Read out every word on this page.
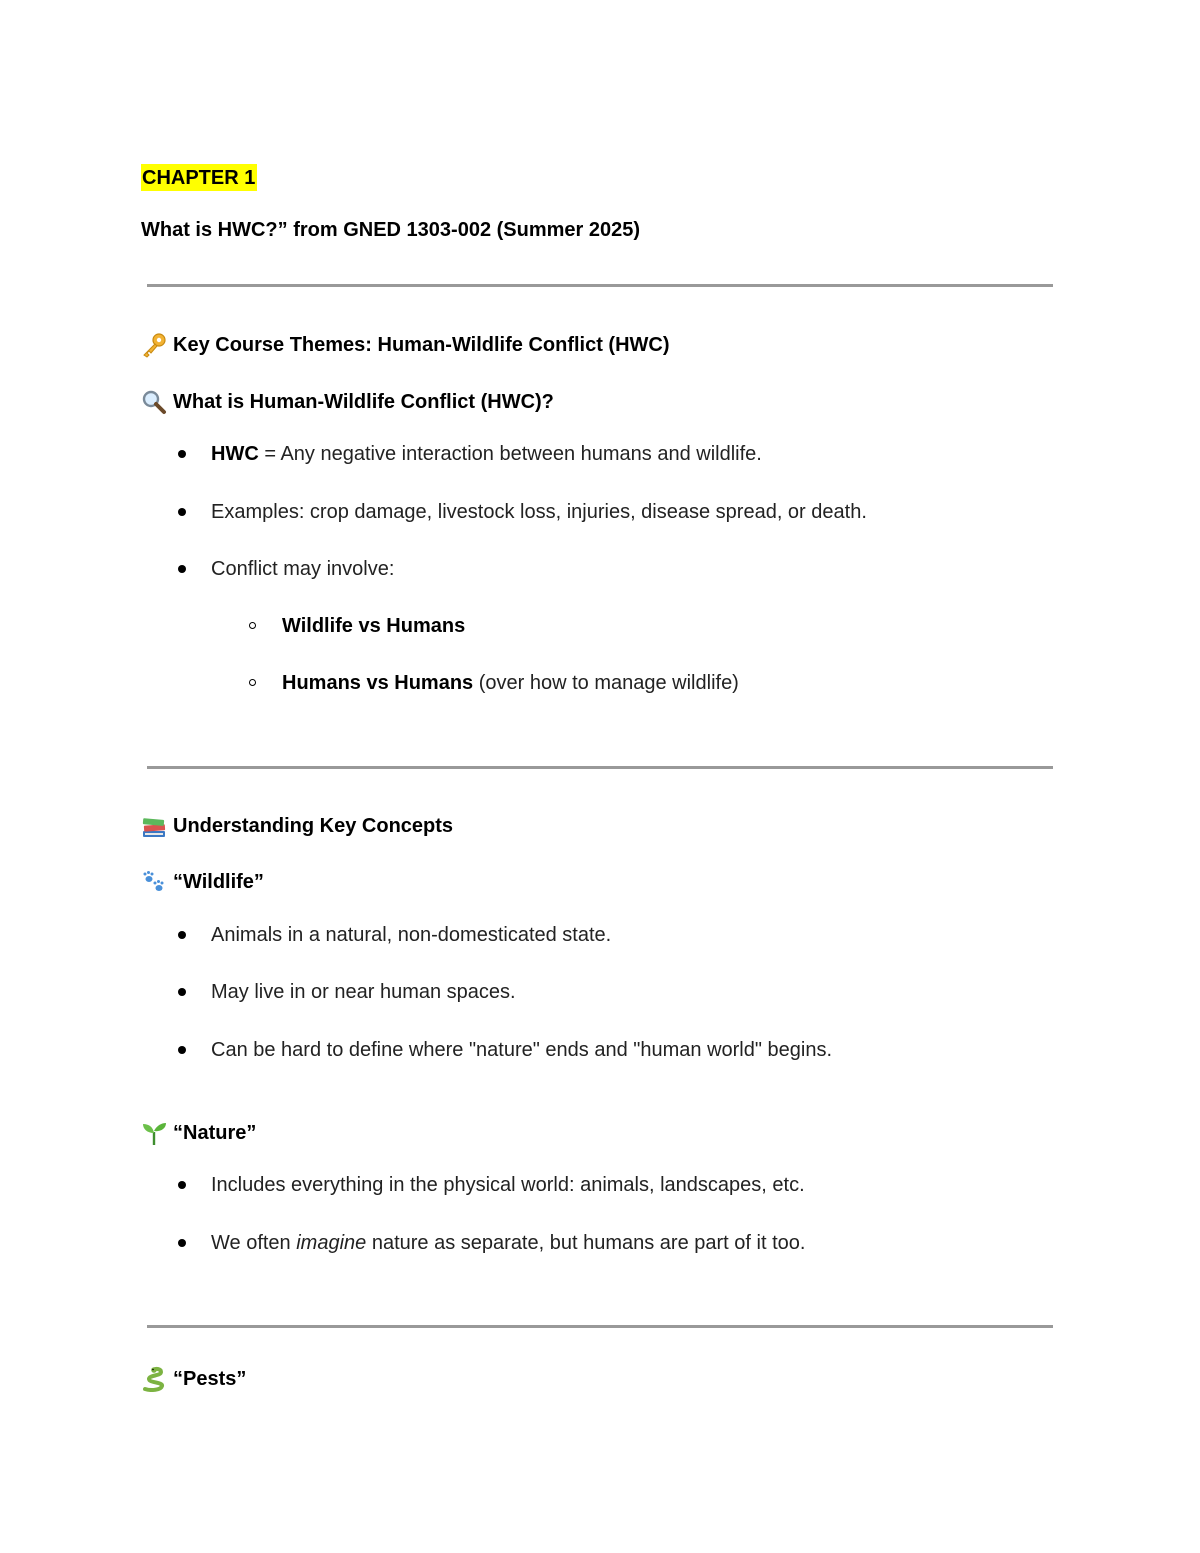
CHAPTER 1
What is HWC?” from GNED 1303-002 (Summer 2025)
Key Course Themes: Human-Wildlife Conflict (HWC)
What is Human-Wildlife Conflict (HWC)?
HWC = Any negative interaction between humans and wildlife.
Examples: crop damage, livestock loss, injuries, disease spread, or death.
Conflict may involve:
Wildlife vs Humans
Humans vs Humans (over how to manage wildlife)
Understanding Key Concepts
“Wildlife”
Animals in a natural, non-domesticated state.
May live in or near human spaces.
Can be hard to define where "nature" ends and "human world" begins.
“Nature”
Includes everything in the physical world: animals, landscapes, etc.
We often imagine nature as separate, but humans are part of it too.
“Pests”
